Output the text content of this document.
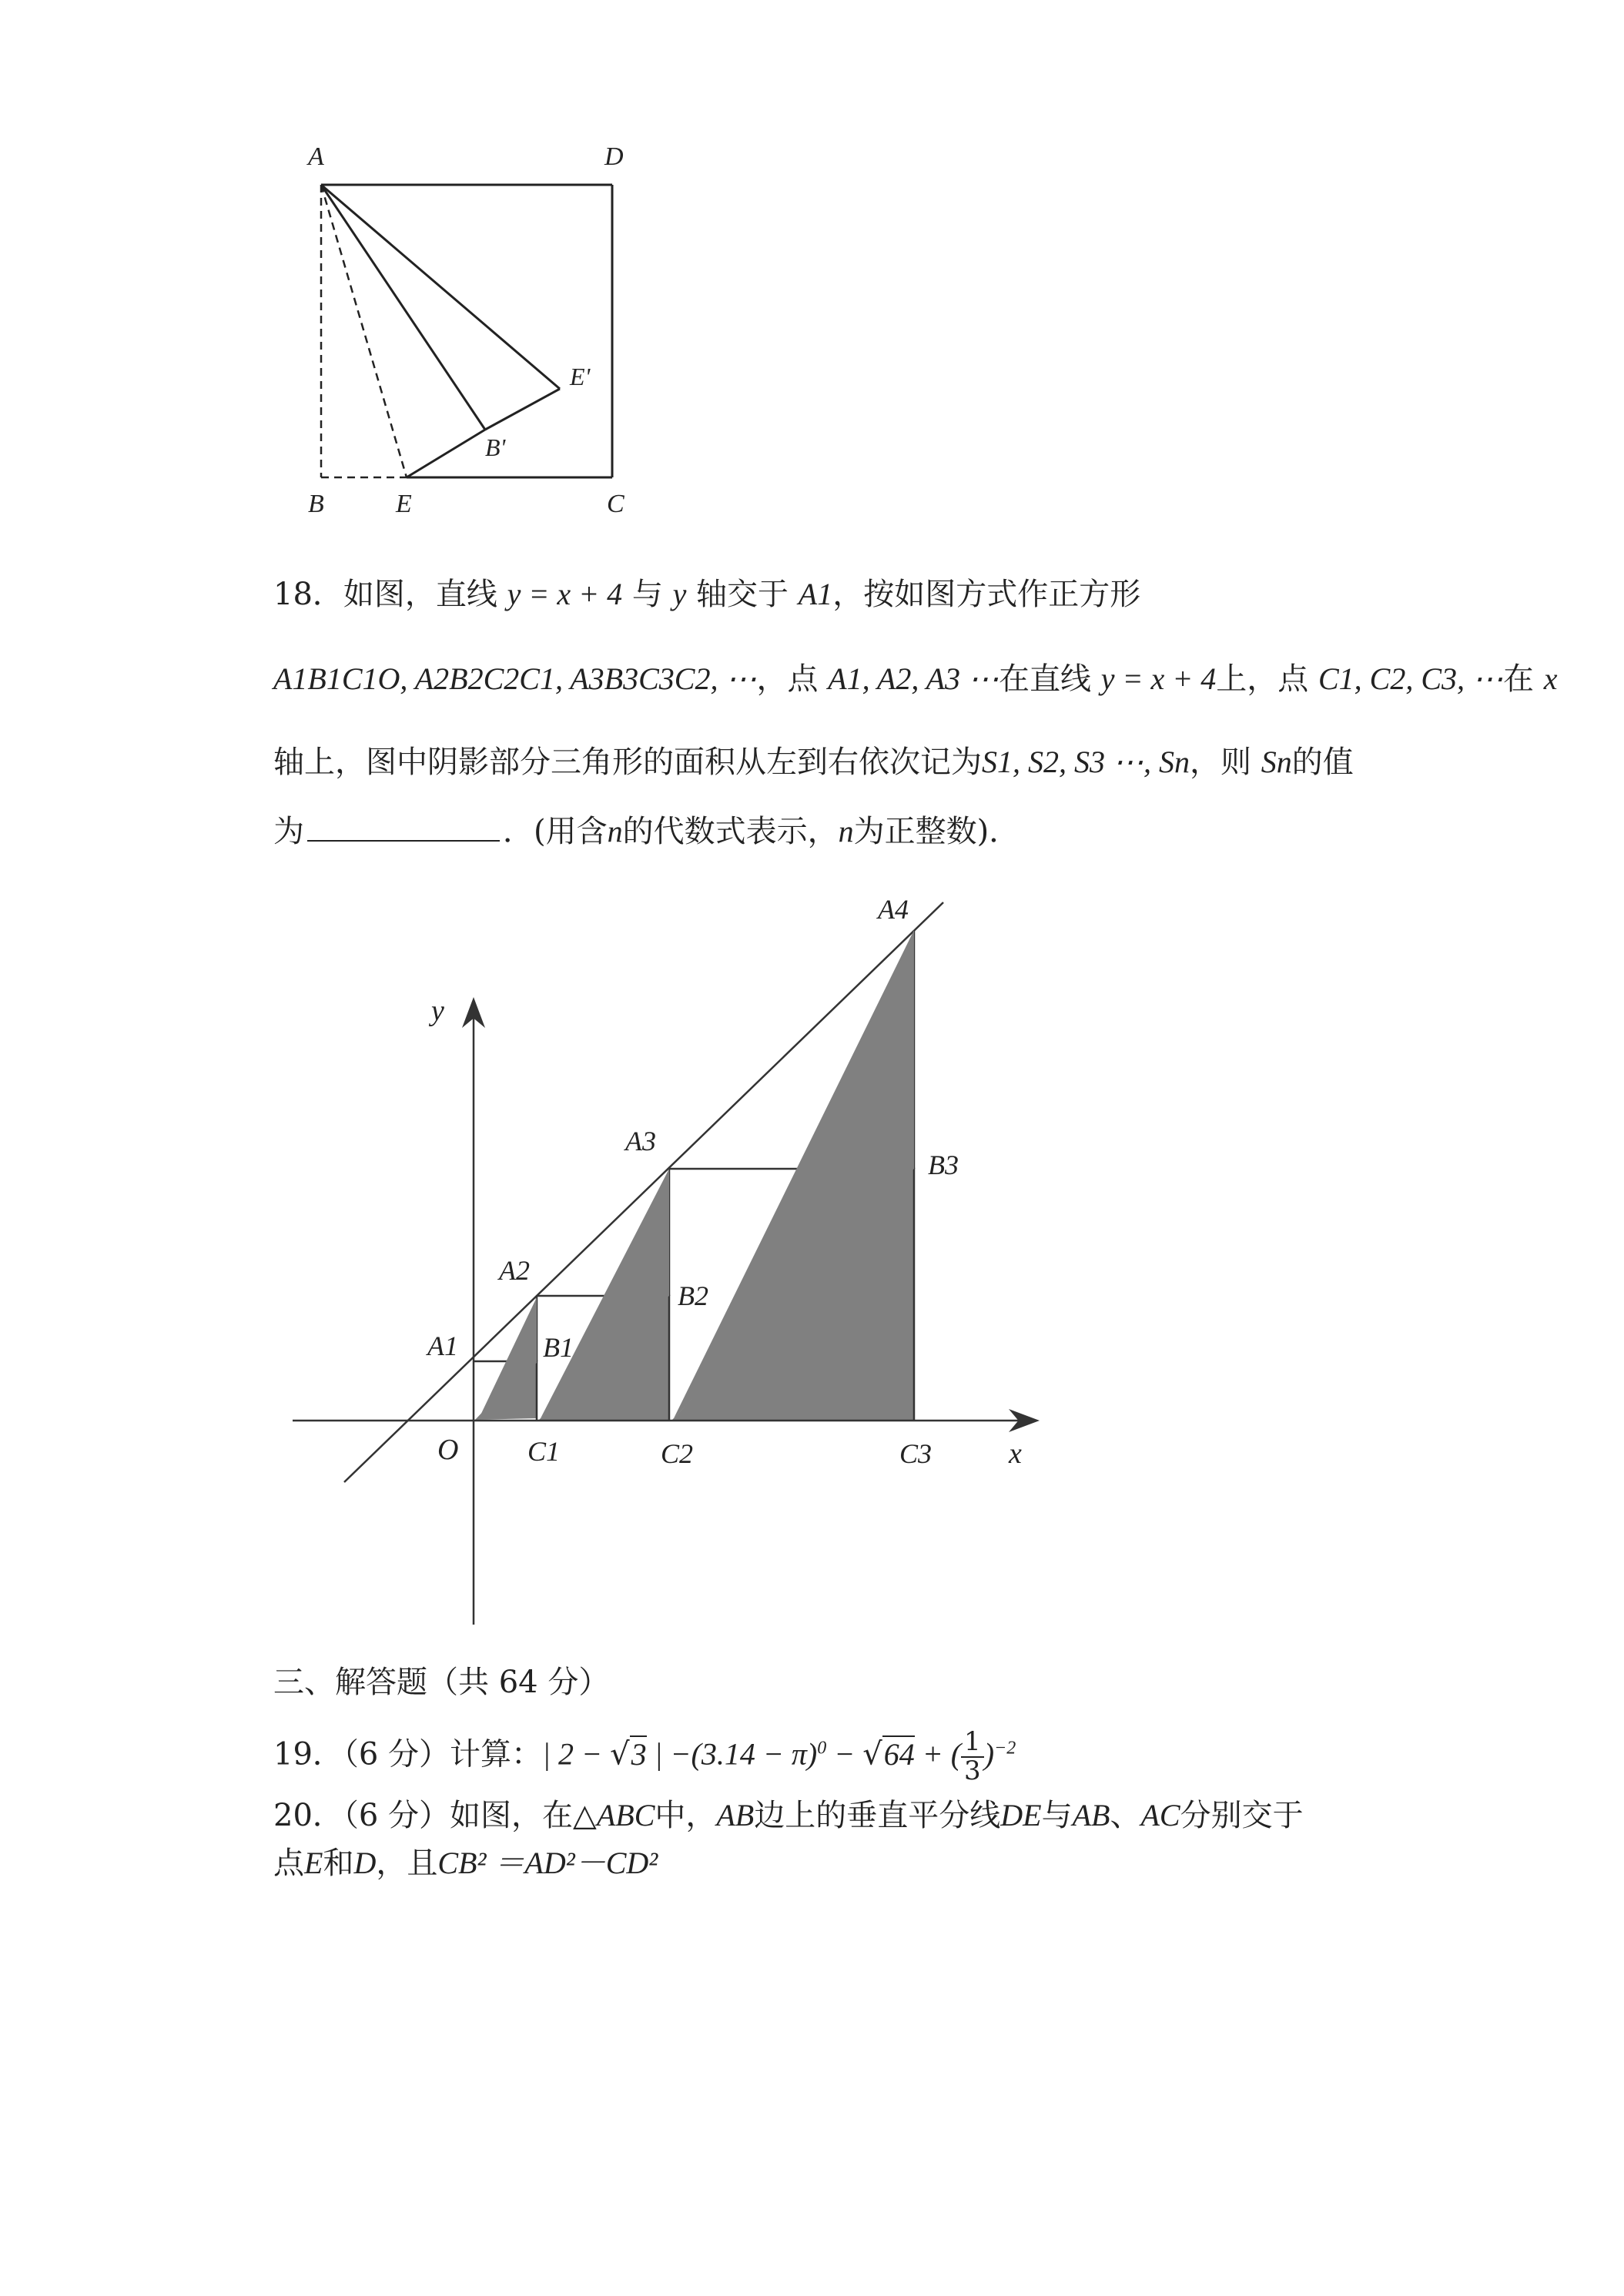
A	D
B	E	C
E'
B'
18．如图，直线 y = x + 4 与 y 轴交于 A1，按如图方式作正方形
A1B1C1O, A2B2C2C1, A3B3C3C2, ⋯，点 A1, A2, A3 ⋯在直线 y = x + 4上，点 C1, C2, C3, ⋯在 x
轴上，图中阴影部分三角形的面积从左到右依次记为S1, S2, S3 ⋯, Sn，则 Sn的值
为	．(用含n的代数式表示，n为正整数)．
y
x
O
A1
A2
A3
A4
B1
B2
B3
C1	C2	C3
三、解答题（共 64 分）
19．（6 分）计算：| 2 − √3 | $-(3.14 - \pi)^0 - √64$ + ( $\frac{1}{3} )^{-2}$
20．（6 分）如图，在△ABC中，AB边上的垂直平分线DE与AB、AC分别交于
点E和D，且CB² ＝AD²－CD²
